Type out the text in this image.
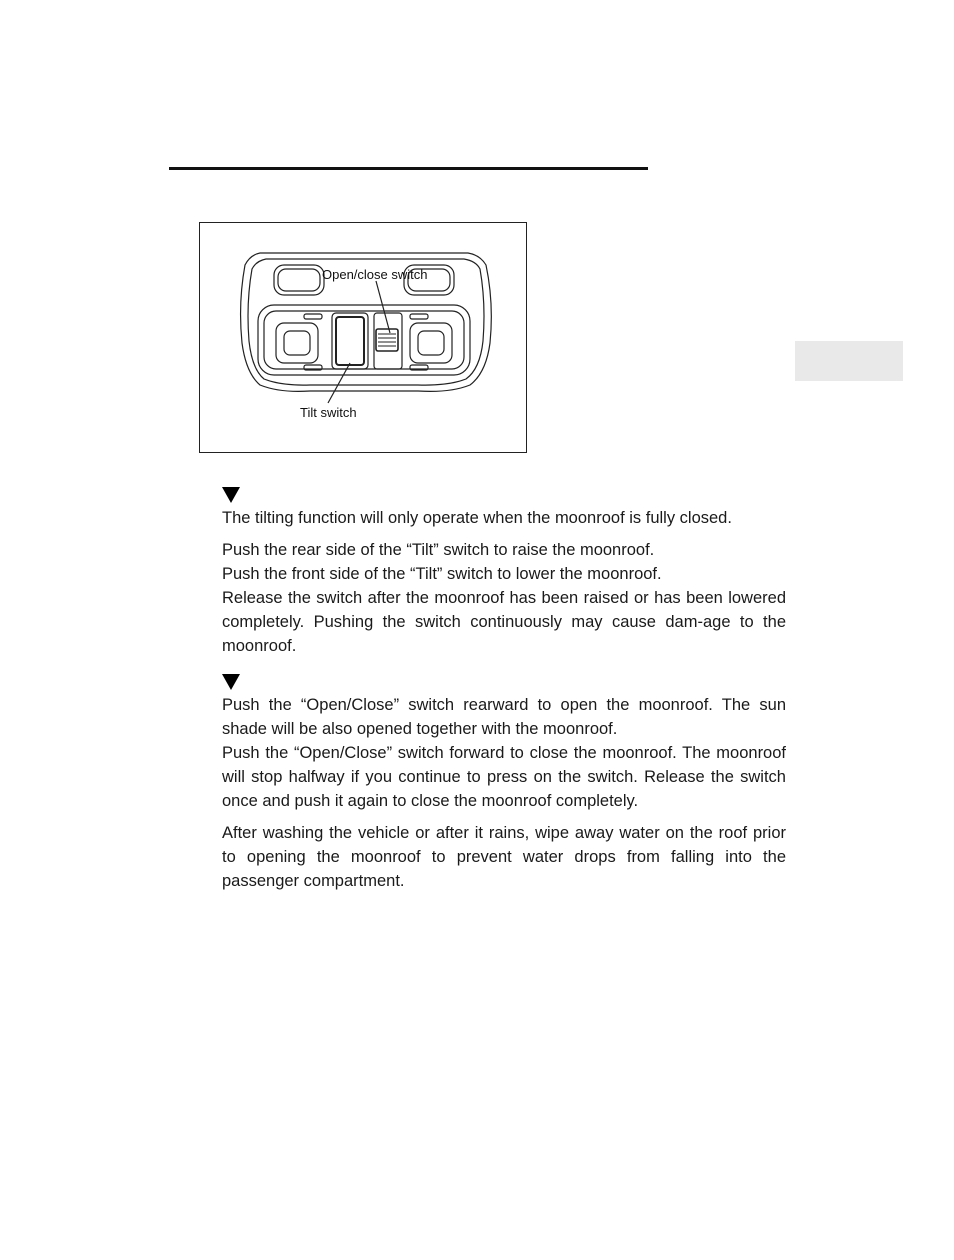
Open/close switch
Tilt switch

The tilting function will only operate when the moonroof is fully closed.

Push the rear side of the “Tilt” switch to raise the moonroof.

Push the front side of the “Tilt” switch to lower the moonroof.

Release the switch after the moonroof has been raised or has been lowered completely. Pushing the switch continuously may cause dam-age to the moonroof.

Push the “Open/Close” switch rearward to open the moonroof. The sun shade will be also opened together with the moonroof.

Push the “Open/Close” switch forward to close the moonroof. The moonroof will stop halfway if you continue to press on the switch. Release the switch once and push it again to close the moonroof completely.

After washing the vehicle or after it rains, wipe away water on the roof prior to opening the moonroof to prevent water drops from falling into the passenger compartment.
